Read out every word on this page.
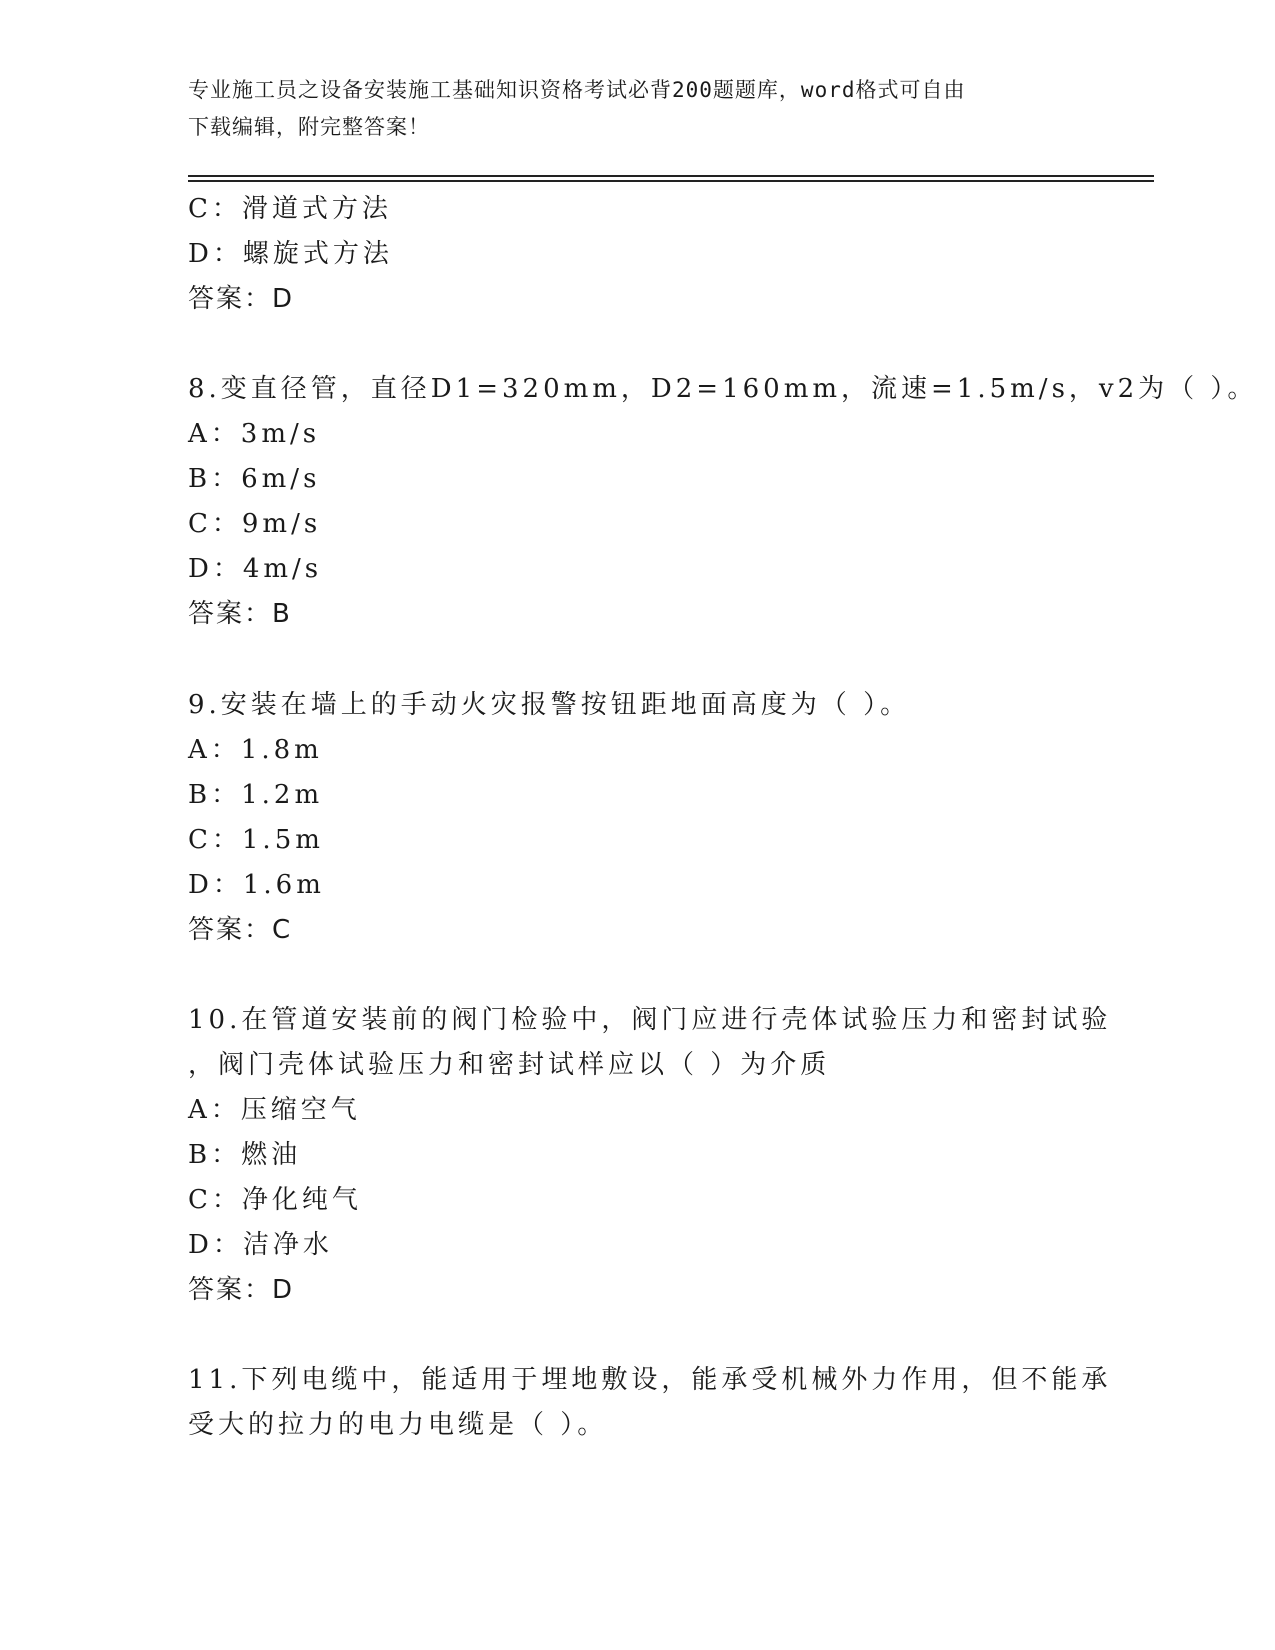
专业施工员之设备安装施工基础知识资格考试必背200题题库，word格式可自由
下载编辑，附完整答案！
C：滑道式方法
D：螺旋式方法
答案：D
8.变直径管，直径D1=320mm，D2=160mm，流速=1.5m/s，v2为（ ）。
A：3m/s
B：6m/s
C：9m/s
D：4m/s
答案：B
9.安装在墙上的手动火灾报警按钮距地面高度为（ ）。
A：1.8m
B：1.2m
C：1.5m
D：1.6m
答案：C
10.在管道安装前的阀门检验中，阀门应进行壳体试验压力和密封试验
，阀门壳体试验压力和密封试样应以（ ）为介质
A：压缩空气
B：燃油
C：净化纯气
D：洁净水
答案：D
11.下列电缆中，能适用于埋地敷设，能承受机械外力作用，但不能承
受大的拉力的电力电缆是（ ）。
